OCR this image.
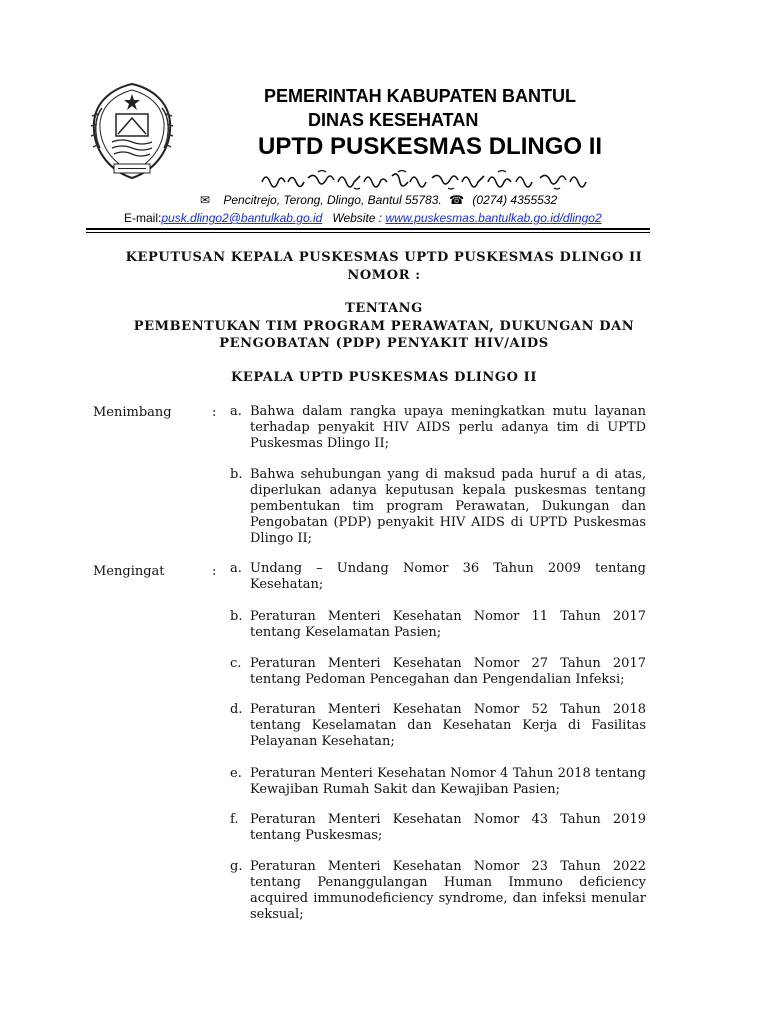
PEMERINTAH KABUPATEN BANTUL
DINAS KESEHATAN
UPTD PUSKESMAS DLINGO II
✉ Pencitrejo, Terong, Dlingo, Bantul 55783. ☎ (0274) 4355532
E-mail:pusk.dlingo2@bantulkab.go.id Website : www.puskesmas.bantulkab.go.id/dlingo2
KEPUTUSAN KEPALA PUSKESMAS UPTD PUSKESMAS DLINGO II
NOMOR :
TENTANG
PEMBENTUKAN TIM PROGRAM PERAWATAN, DUKUNGAN DAN
PENGOBATAN (PDP) PENYAKIT HIV/AIDS
KEPALA UPTD PUSKESMAS DLINGO II
Menimbang	: a. Bahwa dalam rangka upaya meningkatkan mutu layanan terhadap penyakit HIV AIDS perlu adanya tim di UPTD Puskesmas Dlingo II;
b. Bahwa sehubungan yang di maksud pada huruf a di atas, diperlukan adanya keputusan kepala puskesmas tentang pembentukan tim program Perawatan, Dukungan dan Pengobatan (PDP) penyakit HIV AIDS di UPTD Puskesmas Dlingo II;
Mengingat	: a. Undang – Undang Nomor 36 Tahun 2009 tentang Kesehatan;
b. Peraturan Menteri Kesehatan Nomor 11 Tahun 2017 tentang Keselamatan Pasien;
c. Peraturan Menteri Kesehatan Nomor 27 Tahun 2017 tentang Pedoman Pencegahan dan Pengendalian Infeksi;
d. Peraturan Menteri Kesehatan Nomor 52 Tahun 2018 tentang Keselamatan dan Kesehatan Kerja di Fasilitas Pelayanan Kesehatan;
e. Peraturan Menteri Kesehatan Nomor 4 Tahun 2018 tentang Kewajiban Rumah Sakit dan Kewajiban Pasien;
f. Peraturan Menteri Kesehatan Nomor 43 Tahun 2019 tentang Puskesmas;
g. Peraturan Menteri Kesehatan Nomor 23 Tahun 2022 tentang Penanggulangan Human Immuno deficiency acquired immunodeficiency syndrome, dan infeksi menular seksual;
